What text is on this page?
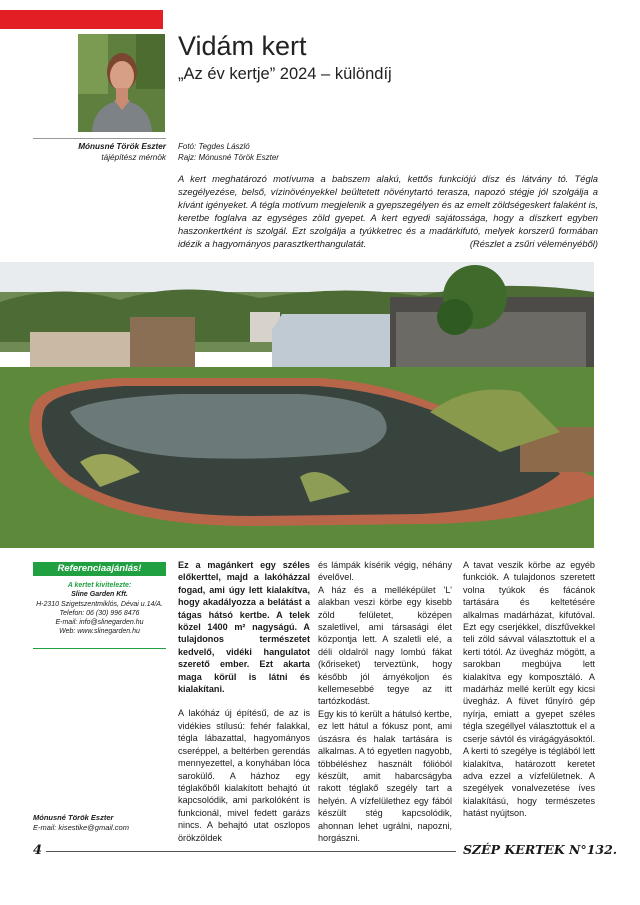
Vidám kert
„Az év kertje” 2024 – különdíj
Mónusné Török Eszter
tájépítész mérnök
Fotó: Tegdes László
Rajz: Mónusné Török Eszter
A kert meghatározó motívuma a babszem alakú, kettős funkciójú dísz és látvány tó. Tégla szegélyezése, belső, vízinövényekkel beültetett növénytartó terasza, napozó stégje jól szolgálja a kívánt igényeket. A tégla motívum megjelenik a gyepszegélyen és az emelt zöldségeskert falaként is, keretbe foglalva az egységes zöld gyepet. A kert egyedi sajátossága, hogy a díszkert egyben haszonkertként is szolgál. Ezt szolgálja a tyúkketrec és a madárkifutó, melyek korszerű formában idézik a hagyományos parasztkerthangulatát.	(Részlet a zsűri véleményéből)
Referenciaajánlás!
A kertet kivitelezte:
Sline Garden Kft.
H-2310 Szigetszentmiklós, Dévai u.14/A.
Telefon: 06 (30) 996 8476
E-mail: info@slinegarden.hu
Web: www.slinegarden.hu
Mónusné Török Eszter
E-mail: kisestike@gmail.com

Ez a magánkert egy széles előkerttel, majd a lakóházzal fogad, ami úgy lett kialakítva, hogy akadályozza a belátást a tágas hátsó kertbe. A telek közel 1400 m² nagyságú. A tulajdonos természetet kedvelő, vidéki hangulatot szerető ember. Ezt akarta maga körül is látni és kialakítani.

A lakóház új építésű, de az is vidékies stílusú: fehér falakkal, tégla lábazattal, hagyományos cseréppel, a beltérben gerendás mennyezettel, a konyhában lóca sarokülő. A házhoz egy téglakőből kialakított behajtó út kapcsolódik, ami parkolóként is funkcionál, mivel fedett garázs nincs. A behajtó utat oszlopos örökzöldek

és lámpák kísérik végig, néhány évelővel.

A ház és a melléképület ’L’ alakban veszi körbe egy kisebb zöld felületet, középen szaletlivel, ami társasági élet központja lett. A szaletli elé, a déli oldalról nagy lombú fákat (kőriseket) terveztünk, hogy később jól árnyékoljon és kellemesebbé tegye az itt tartózkodást.

Egy kis tó került a hátulsó kertbe, ez lett hátul a fókusz pont, ami úszásra és halak tartására is alkalmas. A tó egyetlen nagyobb, többéléshez használt fólióból készült, amit habarcságyba rakott téglakő szegély tart a helyén. A vízfelülethez egy fából készült stég kapcsolódik, ahonnan lehet ugrálni, napozni, horgászni.

A tavat veszik körbe az egyéb funkciók. A tulajdonos szeretett volna tyúkok és fácánok tartására és keltetésére alkalmas madárházat, kifutóval. Ezt egy cserjékkel, díszfűvekkel teli zöld sávval választottuk el a kerti tótól. Az üvegház mögött, a sarokban megbújva lett kialakítva egy komposztáló. A madárház mellé került egy kicsi üvegház. A füvet fűnyíró gép nyírja, emiatt a gyepet széles tégla szegéllyel választottuk el a cserje sávtól és virágágyásoktól. A kerti tó szegélye is téglából lett kialakítva, határozott keretet adva ezzel a vízfelületnek. A szegélyek vonalvezetése íves kialakítású, hogy természetes hatást nyújtson.

4	SZÉP KERTEK N°132.
